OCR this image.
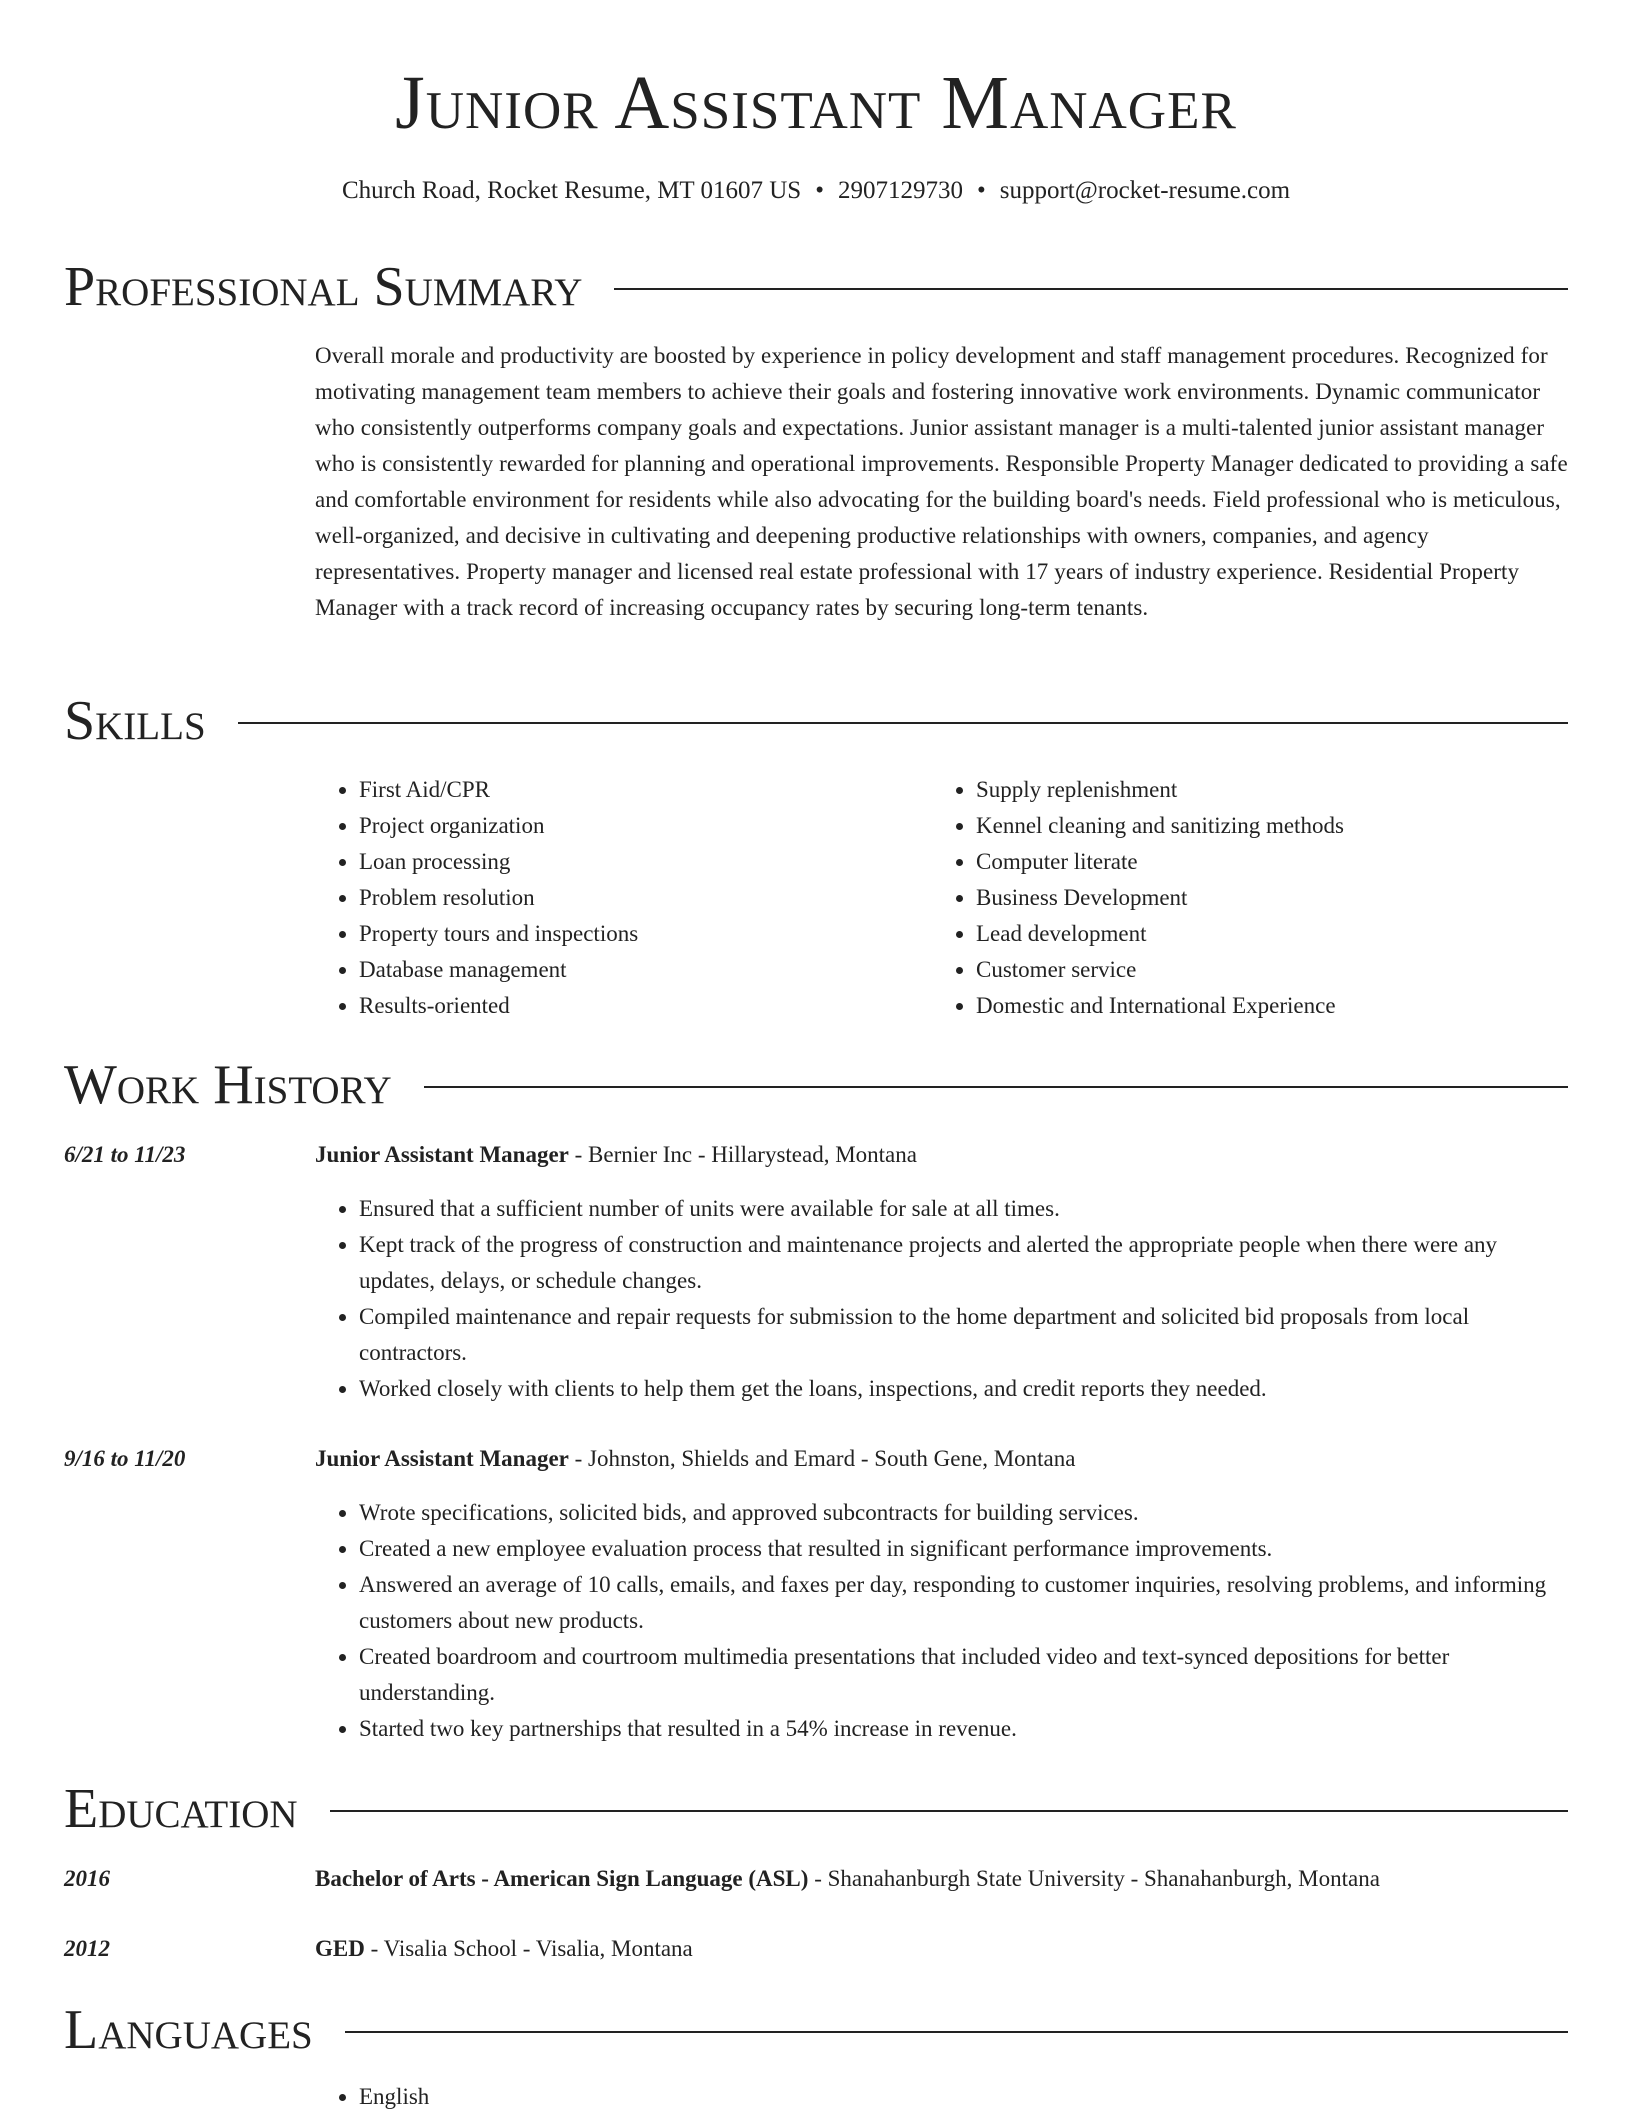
Junior Assistant Manager
Church Road, Rocket Resume, MT 01607 US • 2907129730 • support@rocket-resume.com
Professional Summary

Overall morale and productivity are boosted by experience in policy development and staff management procedures. Recognized for motivating management team members to achieve their goals and fostering innovative work environments. Dynamic communicator who consistently outperforms company goals and expectations. Junior assistant manager is a multi-talented junior assistant manager who is consistently rewarded for planning and operational improvements. Responsible Property Manager dedicated to providing a safe and comfortable environment for residents while also advocating for the building board's needs. Field professional who is meticulous, well-organized, and decisive in cultivating and deepening productive relationships with owners, companies, and agency representatives. Property manager and licensed real estate professional with 17 years of industry experience. Residential Property Manager with a track record of increasing occupancy rates by securing long-term tenants.

Skills
• First Aid/CPR
• Project organization
• Loan processing
• Problem resolution
• Property tours and inspections
• Database management
• Results-oriented
• Supply replenishment
• Kennel cleaning and sanitizing methods
• Computer literate
• Business Development
• Lead development
• Customer service
• Domestic and International Experience
Work History
6/21 to 11/23	Junior Assistant Manager - Bernier Inc - Hillarystead, Montana
• Ensured that a sufficient number of units were available for sale at all times.
• Kept track of the progress of construction and maintenance projects and alerted the appropriate people when there were any updates, delays, or schedule changes.
• Compiled maintenance and repair requests for submission to the home department and solicited bid proposals from local contractors.
• Worked closely with clients to help them get the loans, inspections, and credit reports they needed.
9/16 to 11/20	Junior Assistant Manager - Johnston, Shields and Emard - South Gene, Montana
• Wrote specifications, solicited bids, and approved subcontracts for building services.
• Created a new employee evaluation process that resulted in significant performance improvements.
• Answered an average of 10 calls, emails, and faxes per day, responding to customer inquiries, resolving problems, and informing customers about new products.
• Created boardroom and courtroom multimedia presentations that included video and text-synced depositions for better understanding.
• Started two key partnerships that resulted in a 54% increase in revenue.
Education
2016	Bachelor of Arts - American Sign Language (ASL) - Shanahanburgh State University - Shanahanburgh, Montana
2012	GED - Visalia School - Visalia, Montana
Languages
• English
